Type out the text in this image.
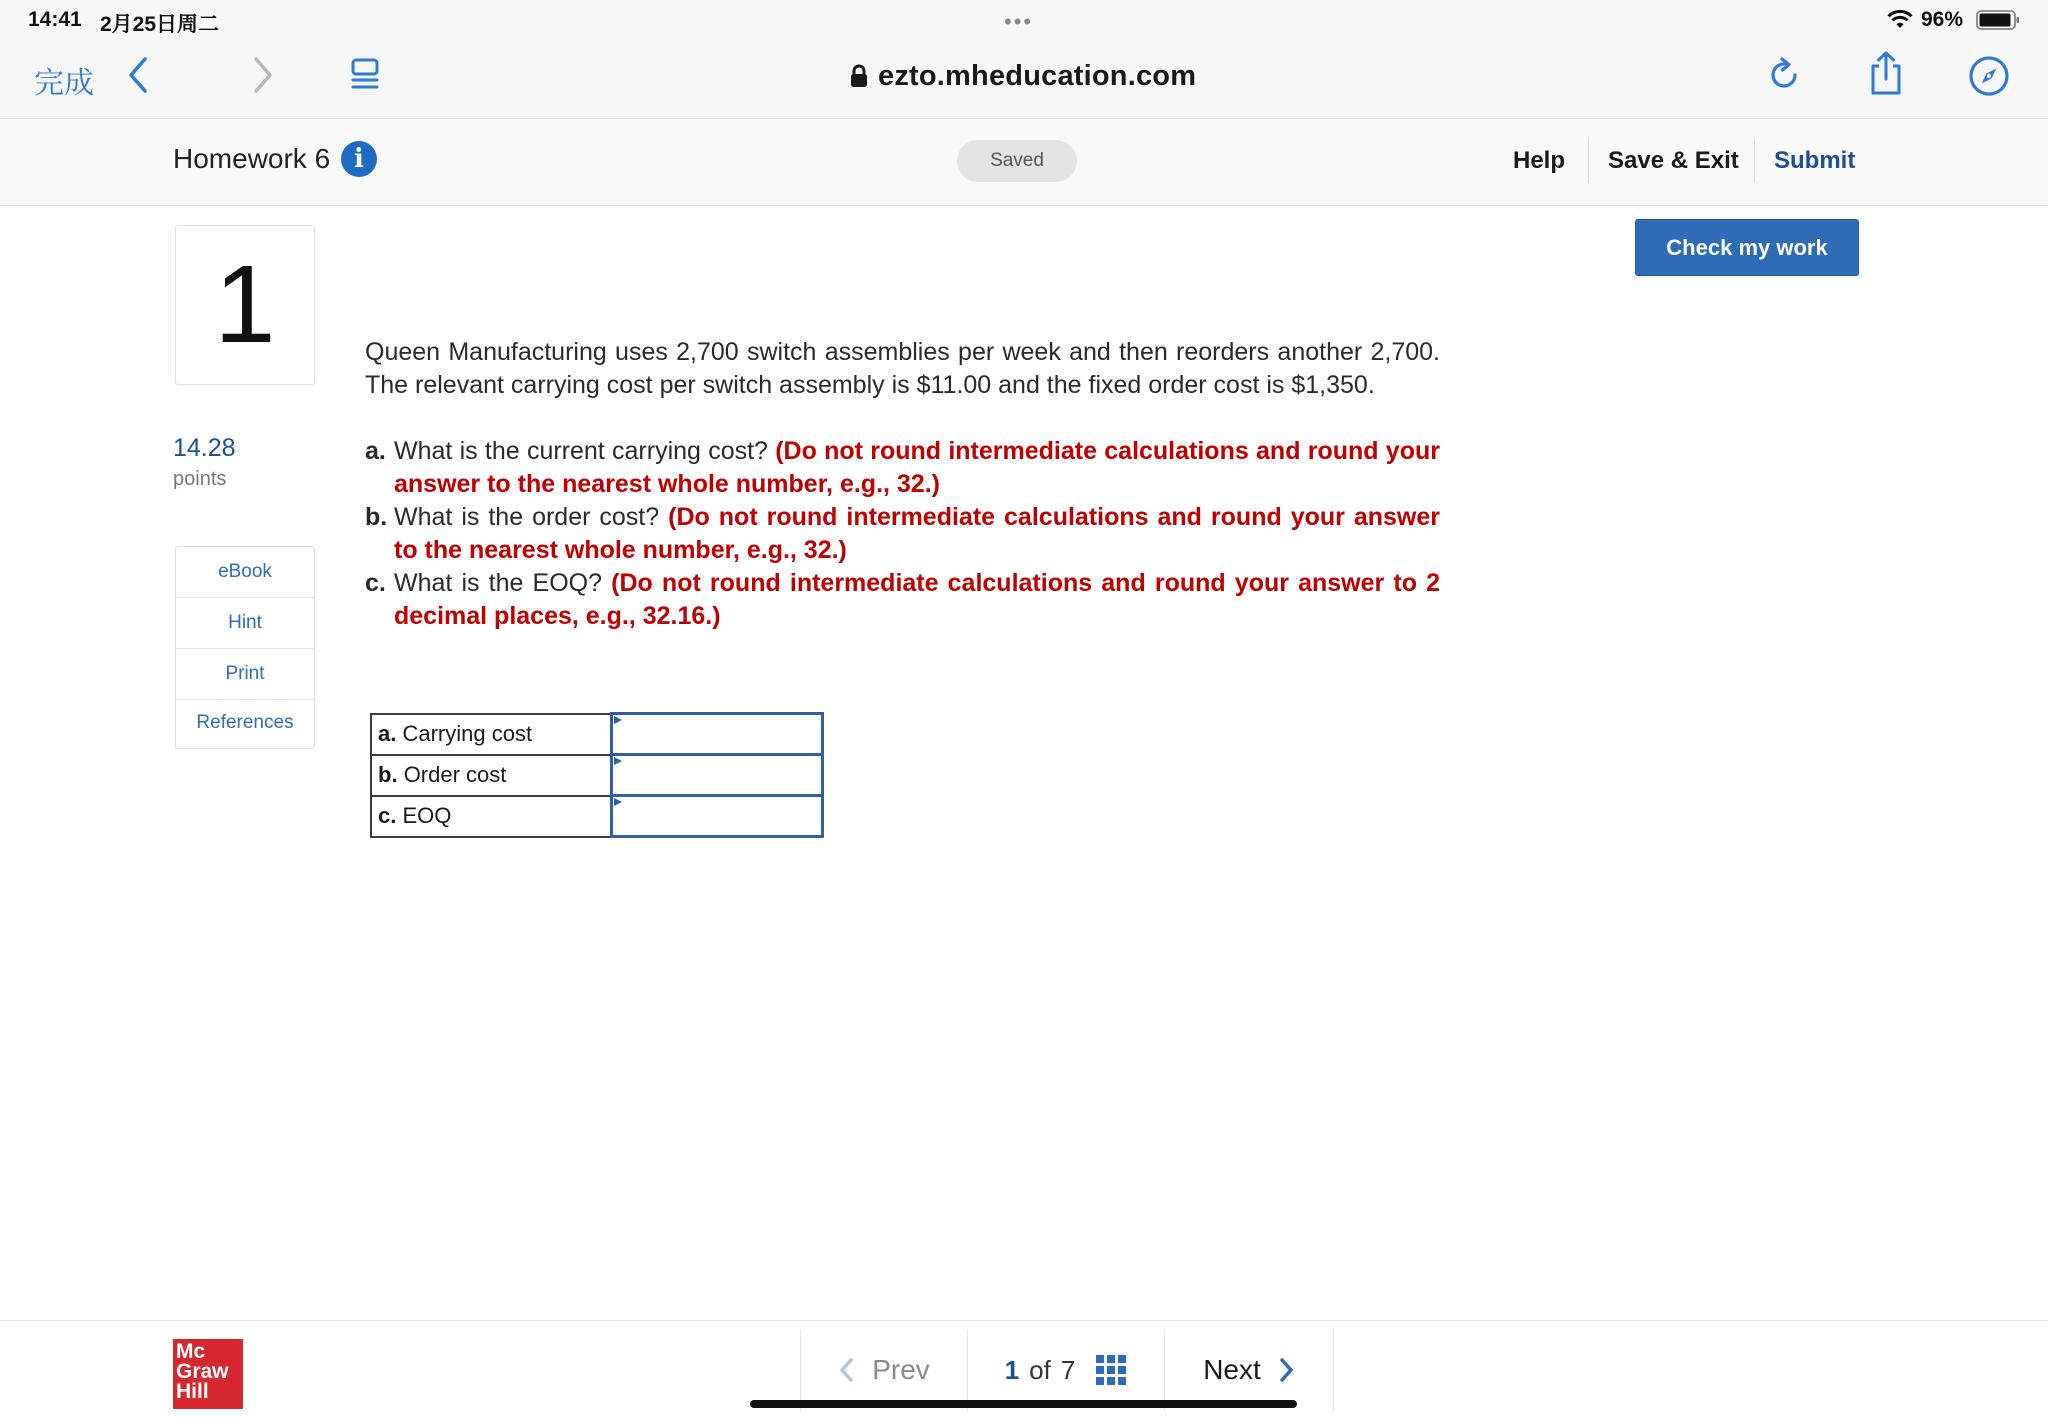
14:41 2月25日周二	•••	96%
完成	ezto.mheducation.com
Homework 6 i	Saved	Help Save & Exit Submit
1
14.28
points
eBook
Hint
Print
References
Check my work

Queen Manufacturing uses 2,700 switch assemblies per week and then reorders another 2,700. The relevant carrying cost per switch assembly is $11.00 and the fixed order cost is $1,350.

a. What is the current carrying cost? (Do not round intermediate calculations and round your answer to the nearest whole number, e.g., 32.)

b. What is the order cost? (Do not round intermediate calculations and round your answer to the nearest whole number, e.g., 32.)

c. What is the EOQ? (Do not round intermediate calculations and round your answer to 2 decimal places, e.g., 32.16.)

a. Carrying cost	

b. Order cost	

c. EOQ	
Mc
Graw
Hill
Prev	1 of 7	Next
